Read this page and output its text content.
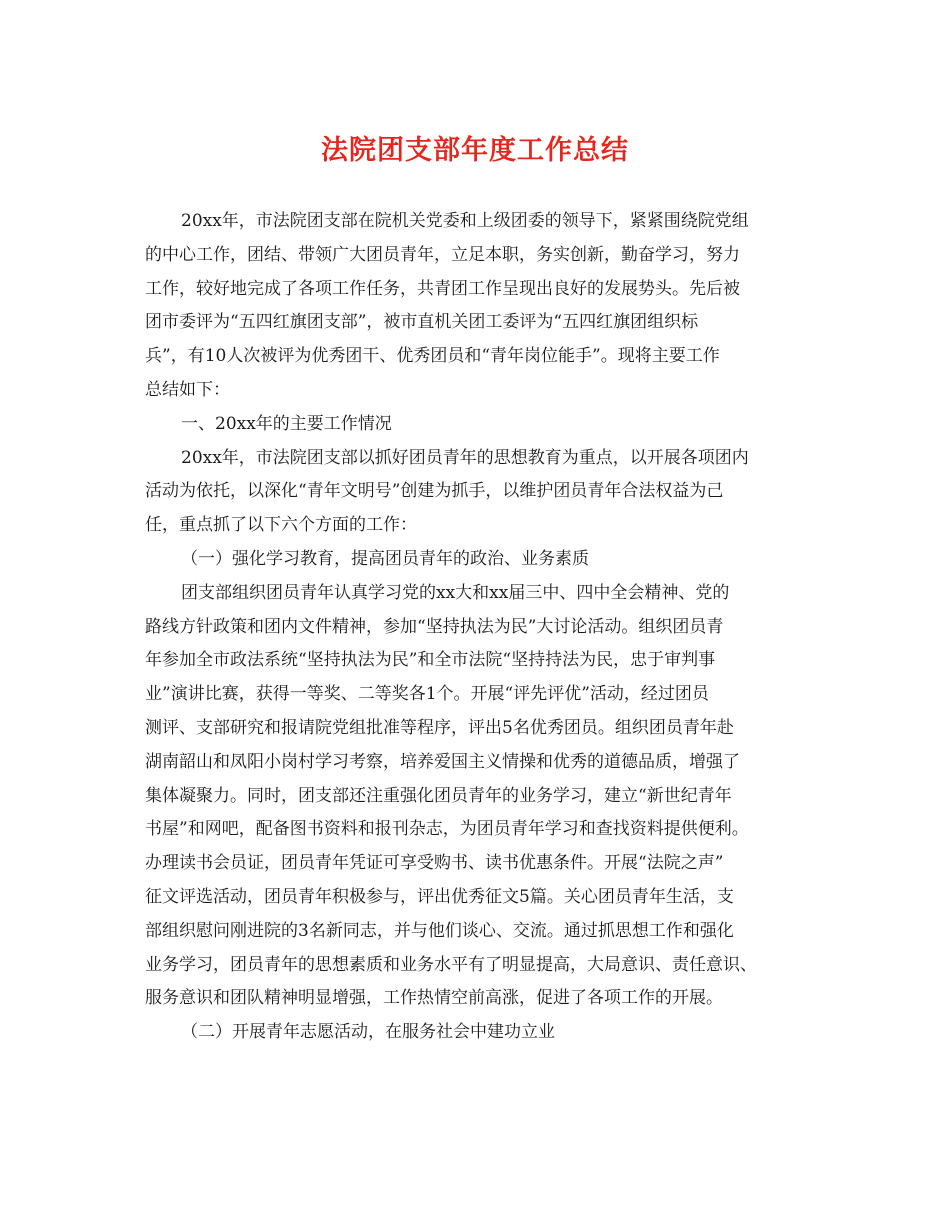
法院团支部年度工作总结
20xx年，市法院团支部在院机关党委和上级团委的领导下，紧紧围绕院党组
的中心工作，团结、带领广大团员青年，立足本职，务实创新，勤奋学习，努力
工作，较好地完成了各项工作任务，共青团工作呈现出良好的发展势头。先后被
团市委评为“五四红旗团支部”，被市直机关团工委评为“五四红旗团组织标
兵”，有10人次被评为优秀团干、优秀团员和“青年岗位能手”。现将主要工作
总结如下：
一、20xx年的主要工作情况
20xx年，市法院团支部以抓好团员青年的思想教育为重点，以开展各项团内
活动为依托，以深化“青年文明号”创建为抓手，以维护团员青年合法权益为己
任，重点抓了以下六个方面的工作：
（一）强化学习教育，提高团员青年的政治、业务素质
团支部组织团员青年认真学习党的xx大和xx届三中、四中全会精神、党的
路线方针政策和团内文件精神，参加“坚持执法为民”大讨论活动。组织团员青
年参加全市政法系统“坚持执法为民”和全市法院“坚持持法为民，忠于审判事
业”演讲比赛，获得一等奖、二等奖各1个。开展“评先评优”活动，经过团员
测评、支部研究和报请院党组批准等程序，评出5名优秀团员。组织团员青年赴
湖南韶山和凤阳小岗村学习考察，培养爱国主义情操和优秀的道德品质，增强了
集体凝聚力。同时，团支部还注重强化团员青年的业务学习，建立“新世纪青年
书屋”和网吧，配备图书资料和报刊杂志，为团员青年学习和查找资料提供便利。
办理读书会员证，团员青年凭证可享受购书、读书优惠条件。开展“法院之声”
征文评选活动，团员青年积极参与，评出优秀征文5篇。关心团员青年生活，支
部组织慰问刚进院的3名新同志，并与他们谈心、交流。通过抓思想工作和强化
业务学习，团员青年的思想素质和业务水平有了明显提高，大局意识、责任意识、
服务意识和团队精神明显增强，工作热情空前高涨，促进了各项工作的开展。
（二）开展青年志愿活动，在服务社会中建功立业
